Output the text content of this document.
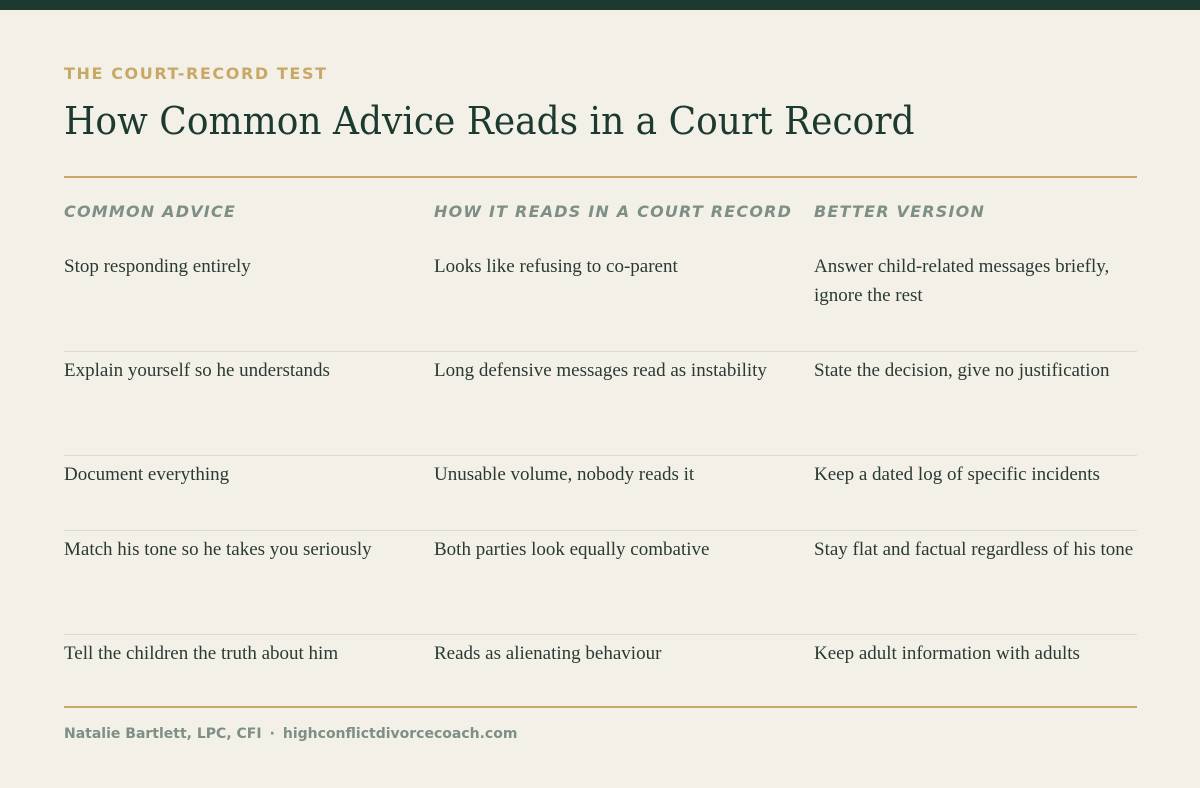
THE COURT-RECORD TEST
How Common Advice Reads in a Court Record
COMMON ADVICE	HOW IT READS IN A COURT RECORD	BETTER VERSION
Stop responding entirely	Looks like refusing to co-parent	Answer child-related messages briefly, ignore the rest
Explain yourself so he understands	Long defensive messages read as instability	State the decision, give no justification
Document everything	Unusable volume, nobody reads it	Keep a dated log of specific incidents
Match his tone so he takes you seriously	Both parties look equally combative	Stay flat and factual regardless of his tone
Tell the children the truth about him	Reads as alienating behaviour	Keep adult information with adults
Natalie Bartlett, LPC, CFI · highconflictdivorcecoach.com
